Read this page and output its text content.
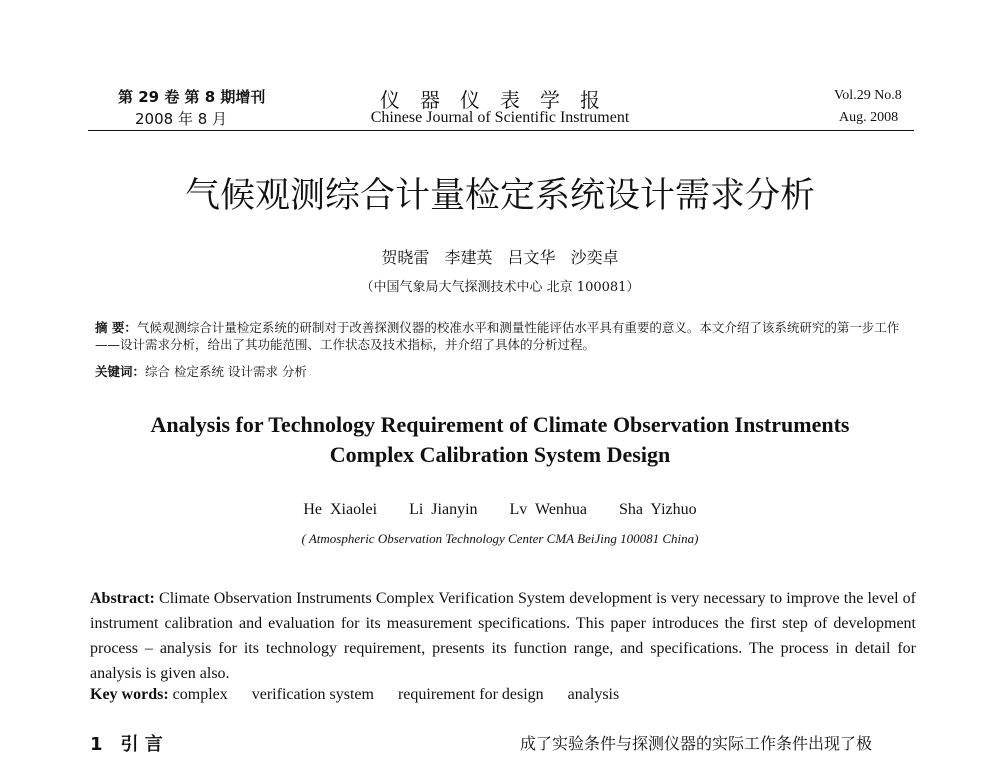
第 29 卷 第 8 期增刊
2008 年 8 月
仪器仪表学报
Chinese Journal of Scientific Instrument
Vol.29 No.8
Aug. 2008
气候观测综合计量检定系统设计需求分析
贺晓雷 李建英 吕文华 沙奕卓
（中国气象局大气探测技术中心 北京 100081）
摘 要：气候观测综合计量检定系统的研制对于改善探测仪器的校准水平和测量性能评估水平具有重要的意义。本文介绍了该系统研究的第一步工作——设计需求分析，给出了其功能范围、工作状态及技术指标，并介绍了具体的分析过程。
关键词：综合 检定系统 设计需求 分析
Analysis for Technology Requirement of Climate Observation Instruments
Complex Calibration System Design
He Xiaolei    Li Jianyin    Lv Wenhua    Sha Yizhuo
( Atmospheric Observation Technology Center CMA BeiJing 100081 China)
Abstract: Climate Observation Instruments Complex Verification System development is very necessary to improve the level of instrument calibration and evaluation for its measurement specifications. This paper introduces the first step of development process – analysis for its technology requirement, presents its function range, and specifications. The process in detail for analysis is given also.
Key words: complex verification system requirement for design analysis
1 引 言	成了实验条件与探测仪器的实际工作条件出现了极
